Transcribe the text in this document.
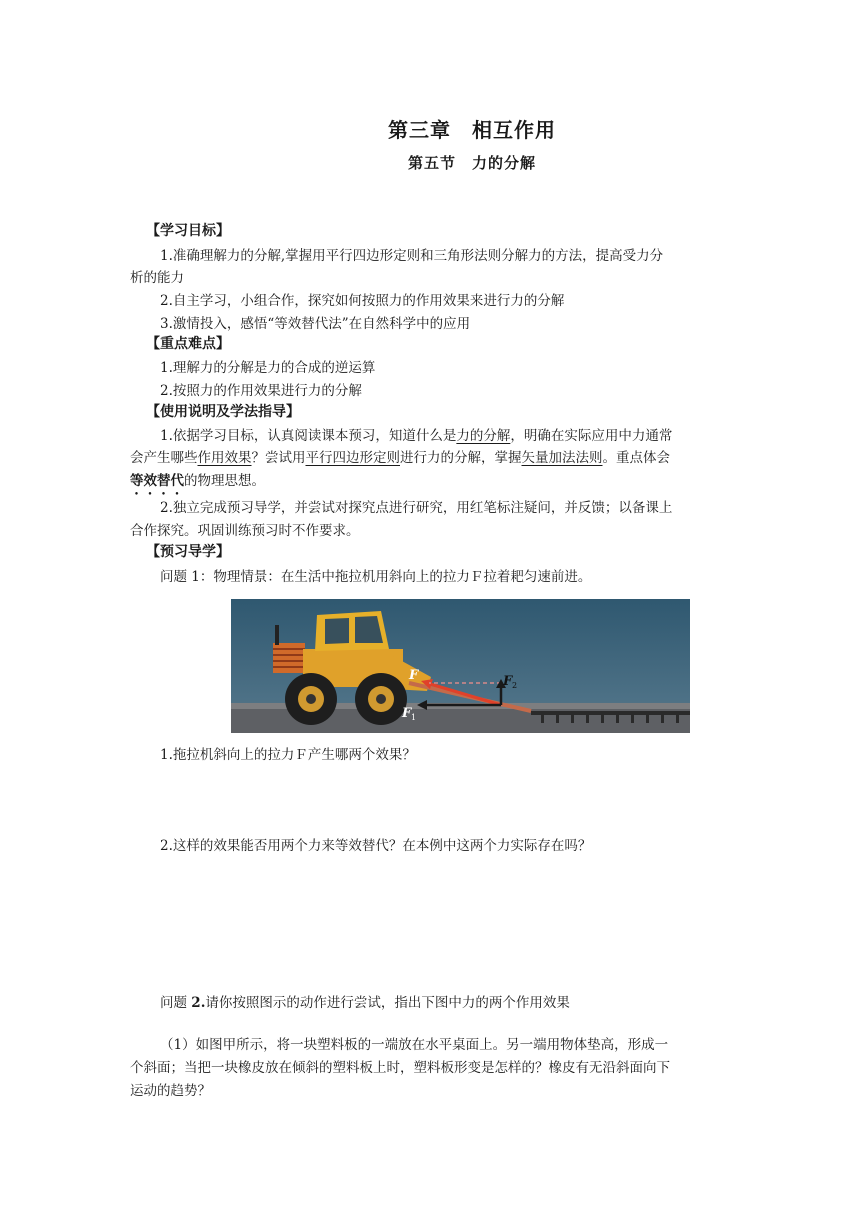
第三章　相互作用
第五节　力的分解
【学习目标】
1.准确理解力的分解,掌握用平行四边形定则和三角形法则分解力的方法，提高受力分
析的能力
2.自主学习，小组合作，探究如何按照力的作用效果来进行力的分解
3.激情投入，感悟“等效替代法”在自然科学中的应用
【重点难点】
1.理解力的分解是力的合成的逆运算
2.按照力的作用效果进行力的分解
【使用说明及学法指导】
1.依据学习目标，认真阅读课本预习，知道什么是力的分解，明确在实际应用中力通常
会产生哪些作用效果？尝试用平行四边形定则进行力的分解，掌握矢量加法法则。重点体会
等效替代的物理思想。
2.独立完成预习导学，并尝试对探究点进行研究，用红笔标注疑问，并反馈；以备课上
合作探究。巩固训练预习时不作要求。
【预习导学】
问题 1：物理情景：在生活中拖拉机用斜向上的拉力Ｆ拉着耙匀速前进。
F	F 2
F 1
1.拖拉机斜向上的拉力Ｆ产生哪两个效果？
2.这样的效果能否用两个力来等效替代？在本例中这两个力实际存在吗？
问题 2.请你按照图示的动作进行尝试，指出下图中力的两个作用效果
（1）如图甲所示，将一块塑料板的一端放在水平桌面上。另一端用物体垫高，形成一
个斜面；当把一块橡皮放在倾斜的塑料板上时，塑料板形变是怎样的？橡皮有无沿斜面向下
运动的趋势？
